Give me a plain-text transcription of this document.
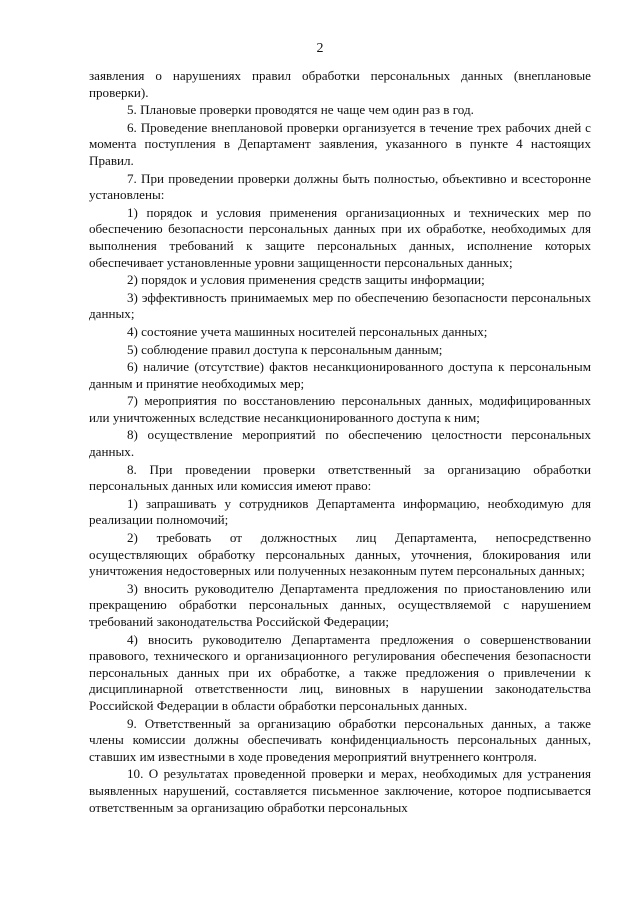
2

заявления о нарушениях правил обработки персональных данных (внеплановые проверки).

5. Плановые проверки проводятся не чаще чем один раз в год.

6. Проведение внеплановой проверки организуется в течение трех рабочих дней с момента поступления в Департамент заявления, указанного в пункте 4 настоящих Правил.

7. При проведении проверки должны быть полностью, объективно и всесторонне установлены:

1) порядок и условия применения организационных и технических мер по обеспечению безопасности персональных данных при их обработке, необходимых для выполнения требований к защите персональных данных, исполнение которых обеспечивает установленные уровни защищенности персональных данных;

2) порядок и условия применения средств защиты информации;

3) эффективность принимаемых мер по обеспечению безопасности персональных данных;

4) состояние учета машинных носителей персональных данных;

5) соблюдение правил доступа к персональным данным;

6) наличие (отсутствие) фактов несанкционированного доступа к персональным данным и принятие необходимых мер;

7) мероприятия по восстановлению персональных данных, модифицированных или уничтоженных вследствие несанкционированного доступа к ним;

8) осуществление мероприятий по обеспечению целостности персональных данных.

8. При проведении проверки ответственный за организацию обработки персональных данных или комиссия имеют право:

1) запрашивать у сотрудников Департамента информацию, необходимую для реализации полномочий;

2) требовать от должностных лиц Департамента, непосредственно осуществляющих обработку персональных данных, уточнения, блокирования или уничтожения недостоверных или полученных незаконным путем персональных данных;

3) вносить руководителю Департамента предложения по приостановлению или прекращению обработки персональных данных, осуществляемой с нарушением требований законодательства Российской Федерации;

4) вносить руководителю Департамента предложения о совершенствовании правового, технического и организационного регулирования обеспечения безопасности персональных данных при их обработке, а также предложения о привлечении к дисциплинарной ответственности лиц, виновных в нарушении законодательства Российской Федерации в области обработки персональных данных.

9. Ответственный за организацию обработки персональных данных, а также члены комиссии должны обеспечивать конфиденциальность персональных данных, ставших им известными в ходе проведения мероприятий внутреннего контроля.

10. О результатах проведенной проверки и мерах, необходимых для устранения выявленных нарушений, составляется письменное заключение, которое подписывается ответственным за организацию обработки персональных
